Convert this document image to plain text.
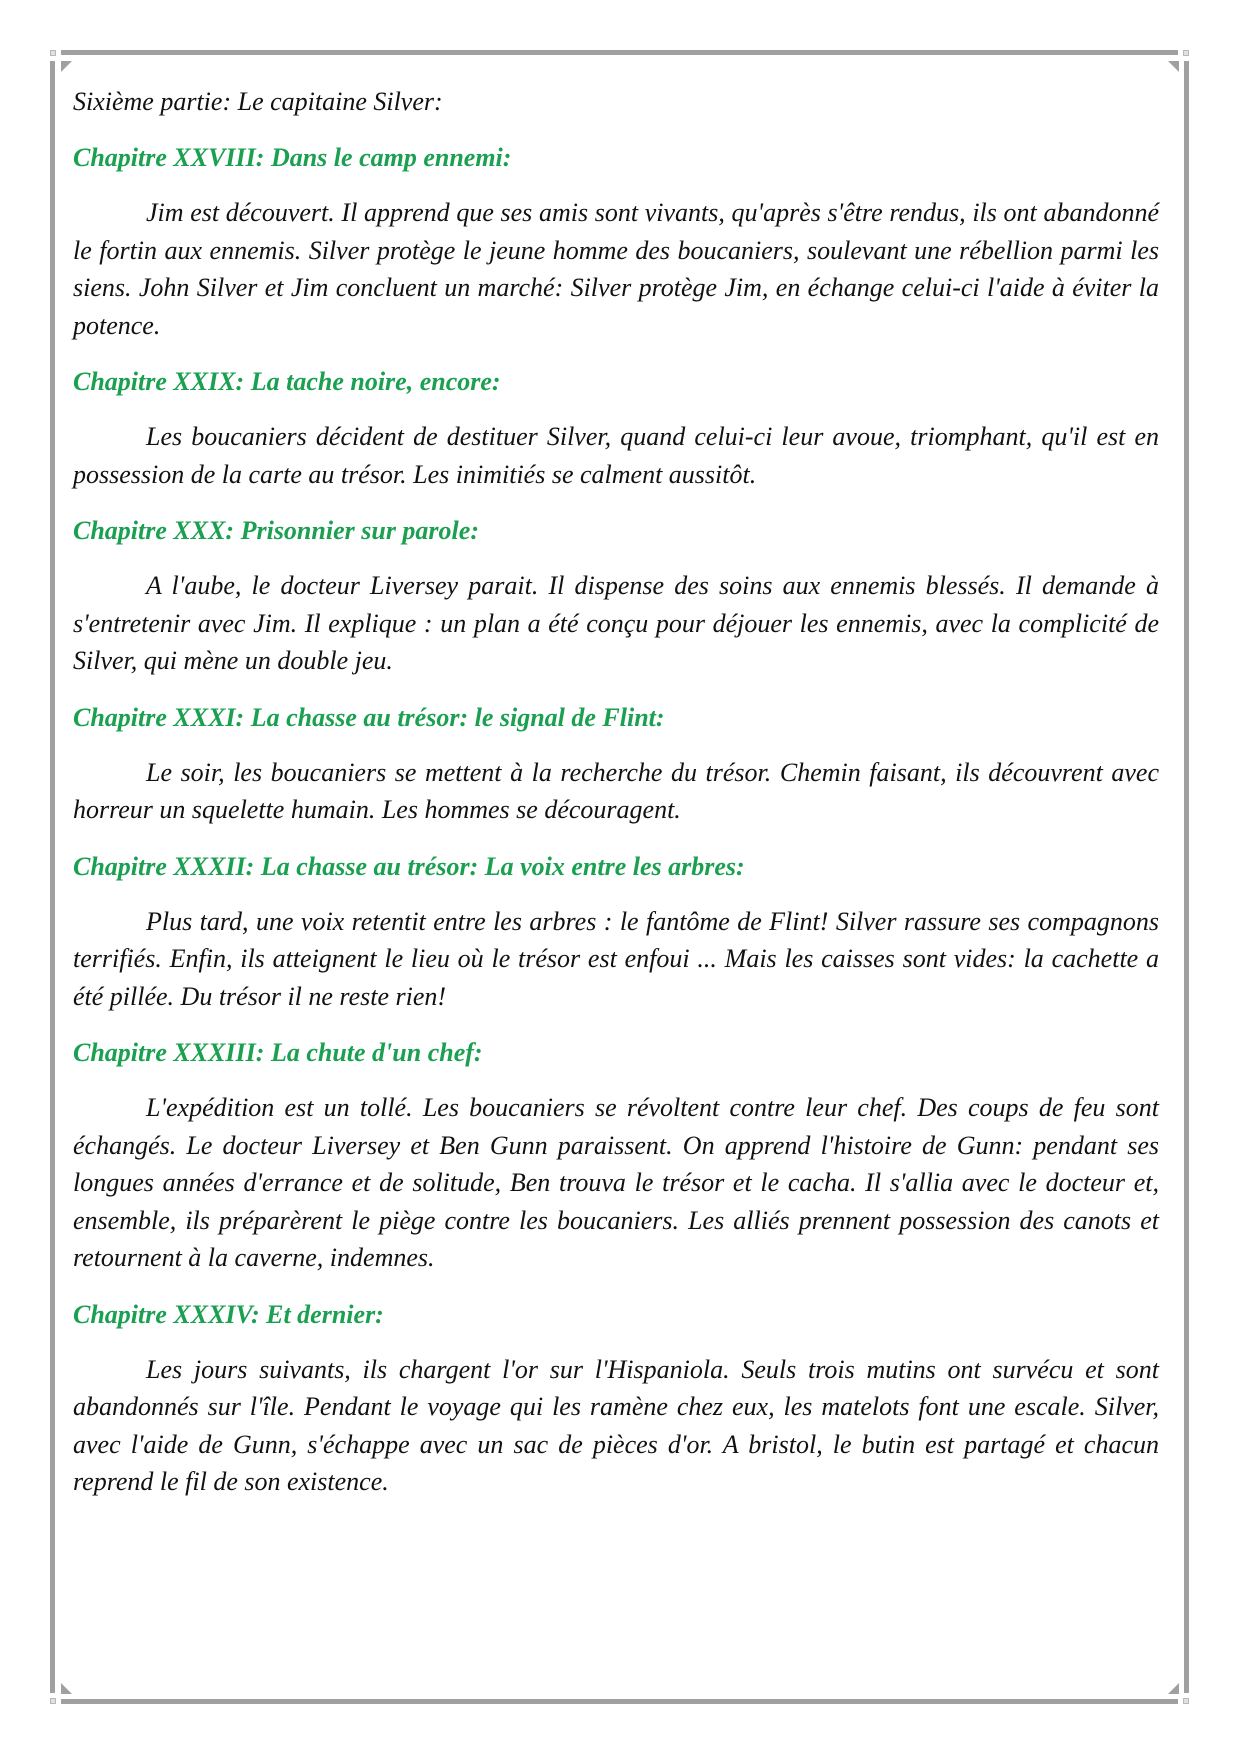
Sixième partie: Le capitaine Silver:

Chapitre XXVIII: Dans le camp ennemi:

Jim est découvert. Il apprend que ses amis sont vivants, qu'après s'être rendus, ils ont abandonné le fortin aux ennemis. Silver protège le jeune homme des boucaniers, soulevant une rébellion parmi les siens. John Silver et Jim concluent un marché: Silver protège Jim, en échange celui-ci l'aide à éviter la potence.

Chapitre XXIX: La tache noire, encore:

Les boucaniers décident de destituer Silver, quand celui-ci leur avoue, triomphant, qu'il est en possession de la carte au trésor. Les inimitiés se calment aussitôt.

Chapitre XXX: Prisonnier sur parole:

A l'aube, le docteur Liversey parait. Il dispense des soins aux ennemis blessés. Il demande à s'entretenir avec Jim. Il explique : un plan a été conçu pour déjouer les ennemis, avec la complicité de Silver, qui mène un double jeu.

Chapitre XXXI: La chasse au trésor: le signal de Flint:

Le soir, les boucaniers se mettent à la recherche du trésor. Chemin faisant, ils découvrent avec horreur un squelette humain. Les hommes se découragent.

Chapitre XXXII: La chasse au trésor: La voix entre les arbres:

Plus tard, une voix retentit entre les arbres : le fantôme de Flint! Silver rassure ses compagnons terrifiés. Enfin, ils atteignent le lieu où le trésor est enfoui ... Mais les caisses sont vides: la cachette a été pillée. Du trésor il ne reste rien!

Chapitre XXXIII: La chute d'un chef:

L'expédition est un tollé. Les boucaniers se révoltent contre leur chef. Des coups de feu sont échangés. Le docteur Liversey et Ben Gunn paraissent. On apprend l'histoire de Gunn: pendant ses longues années d'errance et de solitude, Ben trouva le trésor et le cacha. Il s'allia avec le docteur et, ensemble, ils préparèrent le piège contre les boucaniers. Les alliés prennent possession des canots et retournent à la caverne, indemnes.

Chapitre XXXIV: Et dernier:

Les jours suivants, ils chargent l'or sur l'Hispaniola. Seuls trois mutins ont survécu et sont abandonnés sur l'île. Pendant le voyage qui les ramène chez eux, les matelots font une escale. Silver, avec l'aide de Gunn, s'échappe avec un sac de pièces d'or. A bristol, le butin est partagé et chacun reprend le fil de son existence.
